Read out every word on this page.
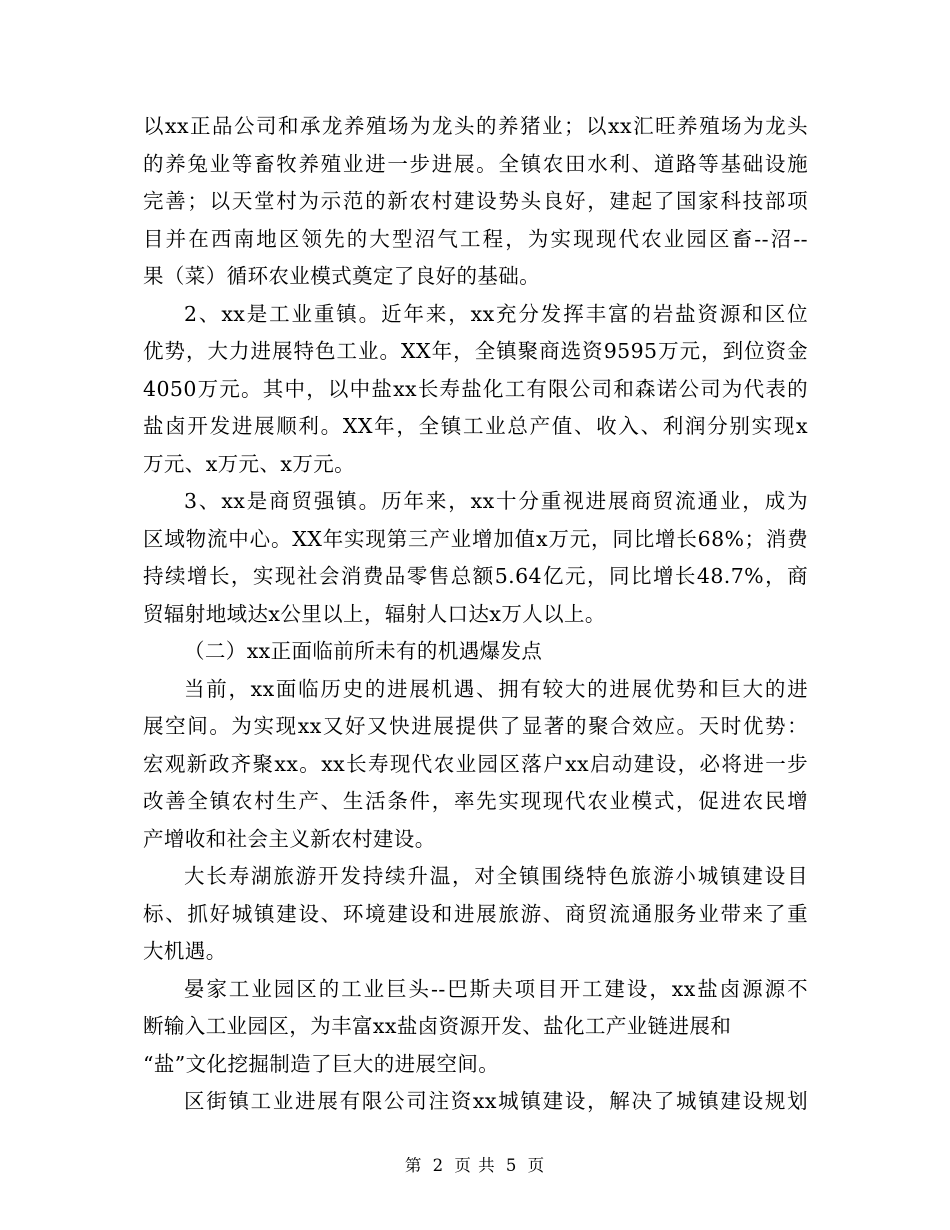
以xx正品公司和承龙养殖场为龙头的养猪业；以xx汇旺养殖场为龙头
的养兔业等畜牧养殖业进一步进展。全镇农田水利、道路等基础设施
完善；以天堂村为示范的新农村建设势头良好，建起了国家科技部项
目并在西南地区领先的大型沼气工程，为实现现代农业园区畜--沼--
果（菜）循环农业模式奠定了良好的基础。
2、xx是工业重镇。近年来，xx充分发挥丰富的岩盐资源和区位
优势，大力进展特色工业。XX年，全镇聚商选资9595万元，到位资金
4050万元。其中，以中盐xx长寿盐化工有限公司和森诺公司为代表的
盐卤开发进展顺利。XX年，全镇工业总产值、收入、利润分别实现x
万元、x万元、x万元。
3、xx是商贸强镇。历年来，xx十分重视进展商贸流通业，成为
区域物流中心。XX年实现第三产业增加值x万元，同比增长68%；消费
持续增长，实现社会消费品零售总额5.64亿元，同比增长48.7%，商
贸辐射地域达x公里以上，辐射人口达x万人以上。
（二）xx正面临前所未有的机遇爆发点
当前，xx面临历史的进展机遇、拥有较大的进展优势和巨大的进
展空间。为实现xx又好又快进展提供了显著的聚合效应。天时优势：
宏观新政齐聚xx。xx长寿现代农业园区落户xx启动建设，必将进一步
改善全镇农村生产、生活条件，率先实现现代农业模式，促进农民增
产增收和社会主义新农村建设。
大长寿湖旅游开发持续升温，对全镇围绕特色旅游小城镇建设目
标、抓好城镇建设、环境建设和进展旅游、商贸流通服务业带来了重
大机遇。
晏家工业园区的工业巨头--巴斯夫项目开工建设，xx盐卤源源不
断输入工业园区，为丰富xx盐卤资源开发、盐化工产业链进展和
“盐”文化挖掘制造了巨大的进展空间。
区街镇工业进展有限公司注资xx城镇建设，解决了城镇建设规划
第 2 页 共 5 页
